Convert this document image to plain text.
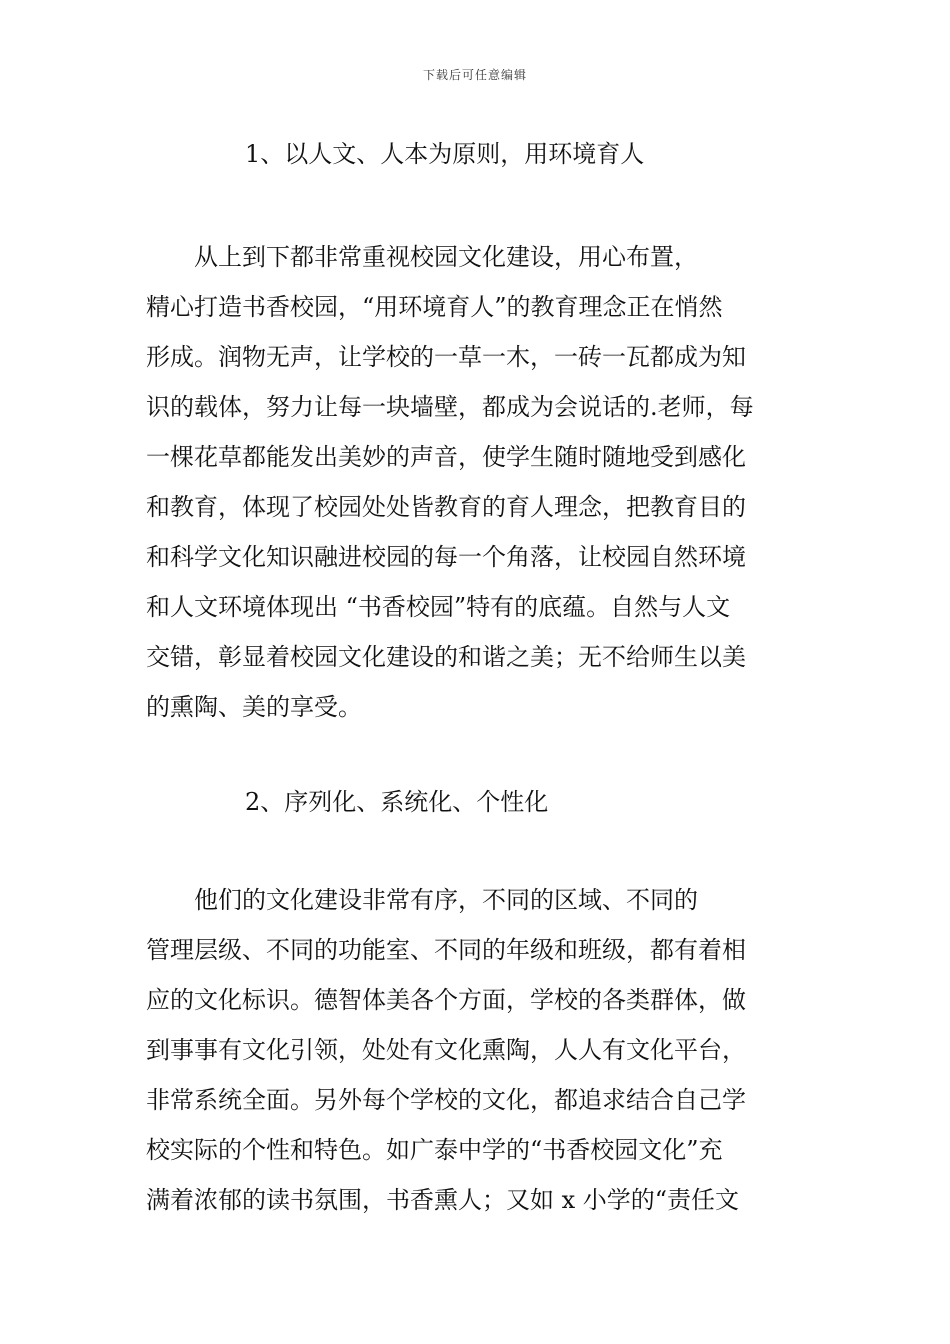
下载后可任意编辑
1、以人文、人本为原则，用环境育人
　　从上到下都非常重视校园文化建设，用心布置，
精心打造书香校园，“用环境育人”的教育理念正在悄然
形成。润物无声，让学校的一草一木，一砖一瓦都成为知
识的载体，努力让每一块墙壁，都成为会说话的.老师，每
一棵花草都能发出美妙的声音，使学生随时随地受到感化
和教育，体现了校园处处皆教育的育人理念，把教育目的
和科学文化知识融进校园的每一个角落，让校园自然环境
和人文环境体现出 “书香校园”特有的底蕴。自然与人文
交错，彰显着校园文化建设的和谐之美；无不给师生以美
的熏陶、美的享受。
2、序列化、系统化、个性化
　　他们的文化建设非常有序，不同的区域、不同的
管理层级、不同的功能室、不同的年级和班级，都有着相
应的文化标识。德智体美各个方面，学校的各类群体，做
到事事有文化引领，处处有文化熏陶，人人有文化平台，
非常系统全面。另外每个学校的文化，都追求结合自己学
校实际的个性和特色。如广泰中学的“书香校园文化”充
满着浓郁的读书氛围，书香熏人；又如 x 小学的“责任文
